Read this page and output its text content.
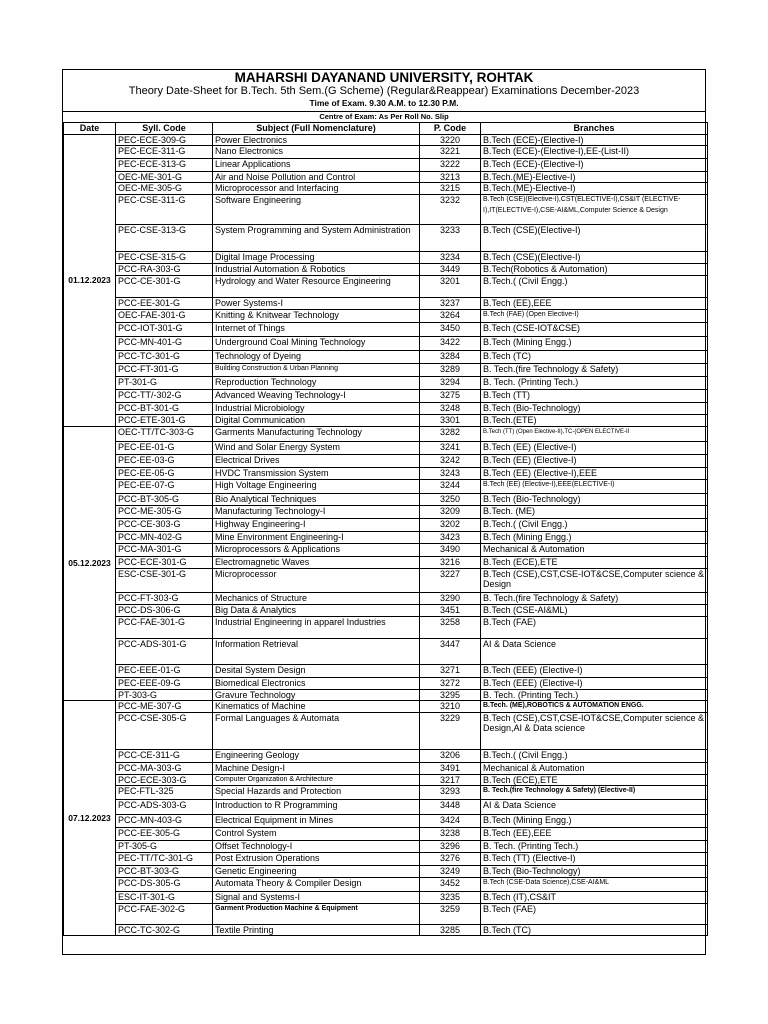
MAHARSHI DAYANAND UNIVERSITY, ROHTAK
Theory Date-Sheet for B.Tech. 5th Sem.(G Scheme) (Regular&Reappear) Examinations December-2023
Time of Exam. 9.30 A.M. to 12.30 P.M.
Centre of Exam: As Per Roll No. Slip
Date	Syll. Code	Subject (Full Nomenclature)	P. Code	Branches
01.12.2023	PEC-ECE-309-G	Power Electronics	3220	B.Tech (ECE)-(Elective-I)
	PEC-ECE-311-G	Nano Electronics	3221	B.Tech (ECE)-(Elective-I),EE-(List-II)
	PEC-ECE-313-G	Linear Applications	3222	B.Tech (ECE)-(Elective-I)
	OEC-ME-301-G	Air and Noise Pollution and Control	3213	B.Tech.(ME)-Elective-I)
	OEC-ME-305-G	Microprocessor and Interfacing	3215	B.Tech.(ME)-Elective-I)
	PEC-CSE-311-G	Software Engineering	3232	B.Tech (CSE)(Elective-I),CST(ELECTIVE-I),CS&IT (ELECTIVE-I),IT(ELECTIVE-I),CSE-AI&ML,Computer Science & Design
	PEC-CSE-313-G	System Programming and System Administration	3233	B.Tech (CSE)(Elective-I)
	PEC-CSE-315-G	Digital Image Processing	3234	B.Tech (CSE)(Elective-I)
	PCC-RA-303-G	Industrial Automation & Robotics	3449	B.Tech(Robotics & Automation)
	PCC-CE-301-G	Hydrology and Water Resource Engineering	3201	B.Tech.( (Civil Engg.)
	PCC-EE-301-G	Power Systems-I	3237	B.Tech (EE),EEE
	OEC-FAE-301-G	Knitting & Knitwear Technology	3264	B.Tech (FAE) (Open Elective-I)
	PCC-IOT-301-G	Internet of Things	3450	B.Tech (CSE-IOT&CSE)
	PCC-MN-401-G	Underground Coal Mining Technology	3422	B.Tech (Mining Engg.)
	PCC-TC-301-G	Technology of Dyeing	3284	B.Tech (TC)
	PCC-FT-301-G	Building Construction & Urban Planning	3289	B. Tech.(fire Technology & Safety)
	PT-301-G	Reproduction Technology	3294	B. Tech. (Printing Tech.)
	PCC-TT/-302-G	Advanced Weaving Technology-I	3275	B.Tech (TT)
	PCC-BT-301-G	Industrial Microbiology	3248	B.Tech (Bio-Technology)
	PCC-ETE-301-G	Digital Communication	3301	B.Tech.(ETE)
05.12.2023	OEC-TT/TC-303-G	Garments Manufacturing Technology	3282	B.Tech (TT) (Open Elective-II),TC-(OPEN ELECTIVE-II
	PEC-EE-01-G	Wind and Solar Energy System	3241	B.Tech (EE) (Elective-I)
	PEC-EE-03-G	Electrical Drives	3242	B.Tech (EE) (Elective-I)
	PEC-EE-05-G	HVDC Transmission System	3243	B.Tech (EE) (Elective-I),EEE
	PEC-EE-07-G	High Voltage Engineering	3244	B.Tech (EE) (Elective-I),EEE(ELECTIVE-I)
	PCC-BT-305-G	Bio Analytical Techniques	3250	B.Tech (Bio-Technology)
	PCC-ME-305-G	Manufacturing Technology-I	3209	B.Tech. (ME)
	PCC-CE-303-G	Highway Engineering-I	3202	B.Tech.( (Civil Engg.)
	PCC-MN-402-G	Mine Environment Engineering-I	3423	B.Tech (Mining Engg.)
	PCC-MA-301-G	Microprocessors & Applications	3490	Mechanical & Automation
	PCC-ECE-301-G	Electromagnetic Waves	3216	B.Tech (ECE),ETE
	ESC-CSE-301-G	Microprocessor	3227	B.Tech (CSE),CST,CSE-IOT&CSE,Computer science & Design
	PCC-FT-303-G	Mechanics of Structure	3290	B. Tech.(fire Technology & Safety)
	PCC-DS-306-G	Big Data & Analytics	3451	B.Tech (CSE-AI&ML)
	PCC-FAE-301-G	Industrial Engineering in apparel Industries	3258	B.Tech (FAE)
	PCC-ADS-301-G	Information Retrieval	3447	AI & Data Science
	PEC-EEE-01-G	Desital System Design	3271	B.Tech (EEE) (Elective-I)
	PEC-EEE-09-G	Biomedical Electronics	3272	B.Tech (EEE) (Elective-I)
	PT-303-G	Gravure Technology	3295	B. Tech. (Printing Tech.)
07.12.2023	PCC-ME-307-G	Kinematics of Machine	3210	B.Tech. (ME),ROBOTICS & AUTOMATION ENGG.
	PCC-CSE-305-G	Formal Languages & Automata	3229	B.Tech (CSE),CST,CSE-IOT&CSE,Computer science & Design,AI & Data science
	PCC-CE-311-G	Engineering Geology	3206	B.Tech.( (Civil Engg.)
	PCC-MA-303-G	Machine Design-I	3491	Mechanical & Automation
	PCC-ECE-303-G	Computer Organization & Architecture	3217	B.Tech (ECE),ETE
	PEC-FTL-325	Special Hazards and Protection	3293	B. Tech.(fire Technology & Safety) (Elective-II)
	PCC-ADS-303-G	Introduction to R Programming	3448	AI & Data Science
	PCC-MN-403-G	Electrical Equipment in Mines	3424	B.Tech (Mining Engg.)
	PCC-EE-305-G	Control System	3238	B.Tech (EE),EEE
	PT-305-G	Offset Technology-I	3296	B. Tech. (Printing Tech.)
	PEC-TT/TC-301-G	Post Extrusion Operations	3276	B.Tech (TT) (Elective-I)
	PCC-BT-303-G	Genetic Engineering	3249	B.Tech (Bio-Technology)
	PCC-DS-305-G	Automata Theory & Compiler Design	3452	B.Tech (CSE-Data Science),CSE-AI&ML
	ESC-IT-301-G	Signal and Systems-I	3235	B.Tech (IT),CS&IT
	PCC-FAE-302-G	Garment Production Machine & Equipment	3259	B.Tech (FAE)
	PCC-TC-302-G	Textile Printing	3285	B.Tech (TC)
